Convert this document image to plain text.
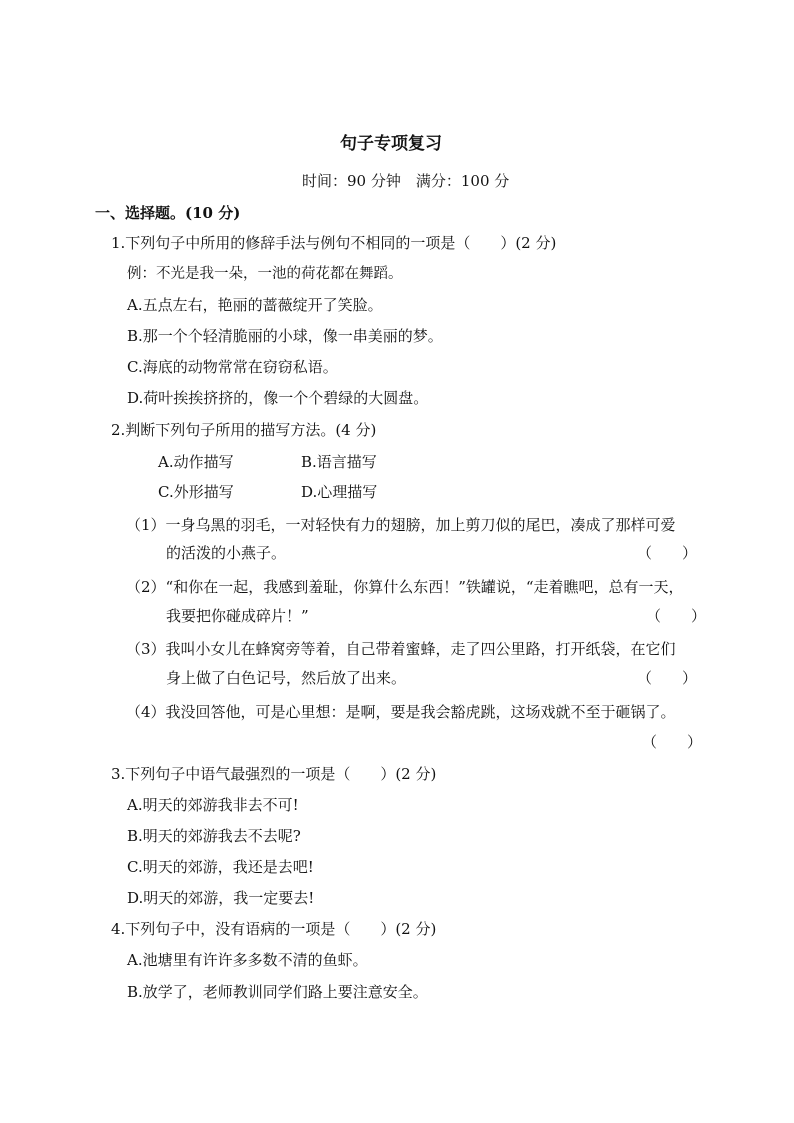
句子专项复习
时间：90 分钟　满分：100 分
一、选择题。(10 分)
1.下列句子中所用的修辞手法与例句不相同的一项是（　　）(2 分)
例：不光是我一朵，一池的荷花都在舞蹈。
A.五点左右，艳丽的蔷薇绽开了笑脸。
B.那一个个轻清脆丽的小球，像一串美丽的梦。
C.海底的动物常常在窃窃私语。
D.荷叶挨挨挤挤的，像一个个碧绿的大圆盘。
2.判断下列句子所用的描写方法。(4 分)
A.动作描写	B.语言描写
C.外形描写	D.心理描写
（1）一身乌黑的羽毛，一对轻快有力的翅膀，加上剪刀似的尾巴，凑成了那样可爱
的活泼的小燕子。	（　　）
（2）“和你在一起，我感到羞耻，你算什么东西！”铁罐说，“走着瞧吧，总有一天，
我要把你碰成碎片！”	（　　）
（3）我叫小女儿在蜂窝旁等着，自己带着蜜蜂，走了四公里路，打开纸袋，在它们
身上做了白色记号，然后放了出来。	（　　）
（4）我没回答他，可是心里想：是啊，要是我会豁虎跳，这场戏就不至于砸锅了。
（　　）
3.下列句子中语气最强烈的一项是（　　）(2 分)
A.明天的郊游我非去不可!
B.明天的郊游我去不去呢?
C.明天的郊游，我还是去吧!
D.明天的郊游，我一定要去!
4.下列句子中，没有语病的一项是（　　）(2 分)
A.池塘里有许许多多数不清的鱼虾。
B.放学了，老师教训同学们路上要注意安全。
